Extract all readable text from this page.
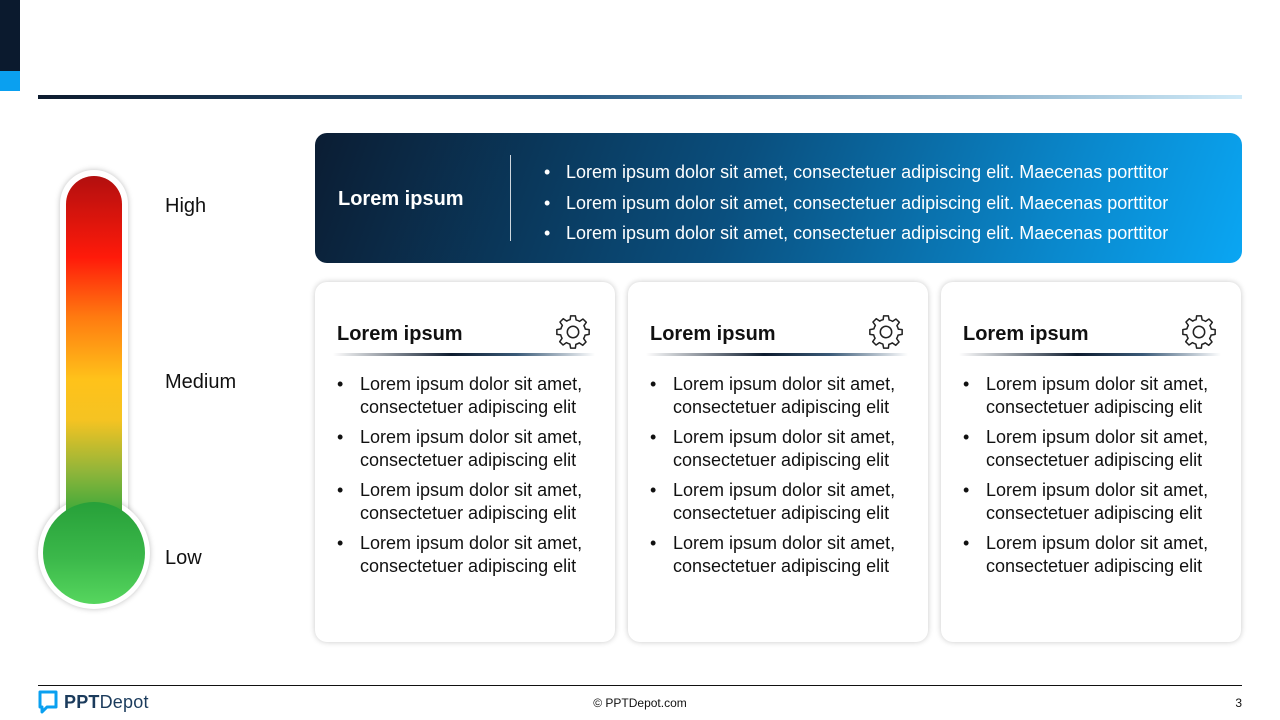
High
Medium
Low
Lorem ipsum
• Lorem ipsum dolor sit amet, consectetuer adipiscing elit. Maecenas porttitor
• Lorem ipsum dolor sit amet, consectetuer adipiscing elit. Maecenas porttitor
• Lorem ipsum dolor sit amet, consectetuer adipiscing elit. Maecenas porttitor
Lorem ipsum
• Lorem ipsum dolor sit amet, consectetuer adipiscing elit
• Lorem ipsum dolor sit amet, consectetuer adipiscing elit
• Lorem ipsum dolor sit amet, consectetuer adipiscing elit
• Lorem ipsum dolor sit amet, consectetuer adipiscing elit
Lorem ipsum
• Lorem ipsum dolor sit amet, consectetuer adipiscing elit
• Lorem ipsum dolor sit amet, consectetuer adipiscing elit
• Lorem ipsum dolor sit amet, consectetuer adipiscing elit
• Lorem ipsum dolor sit amet, consectetuer adipiscing elit
Lorem ipsum
• Lorem ipsum dolor sit amet, consectetuer adipiscing elit
• Lorem ipsum dolor sit amet, consectetuer adipiscing elit
• Lorem ipsum dolor sit amet, consectetuer adipiscing elit
• Lorem ipsum dolor sit amet, consectetuer adipiscing elit
PPTDepot	© PPTDepot.com	3
